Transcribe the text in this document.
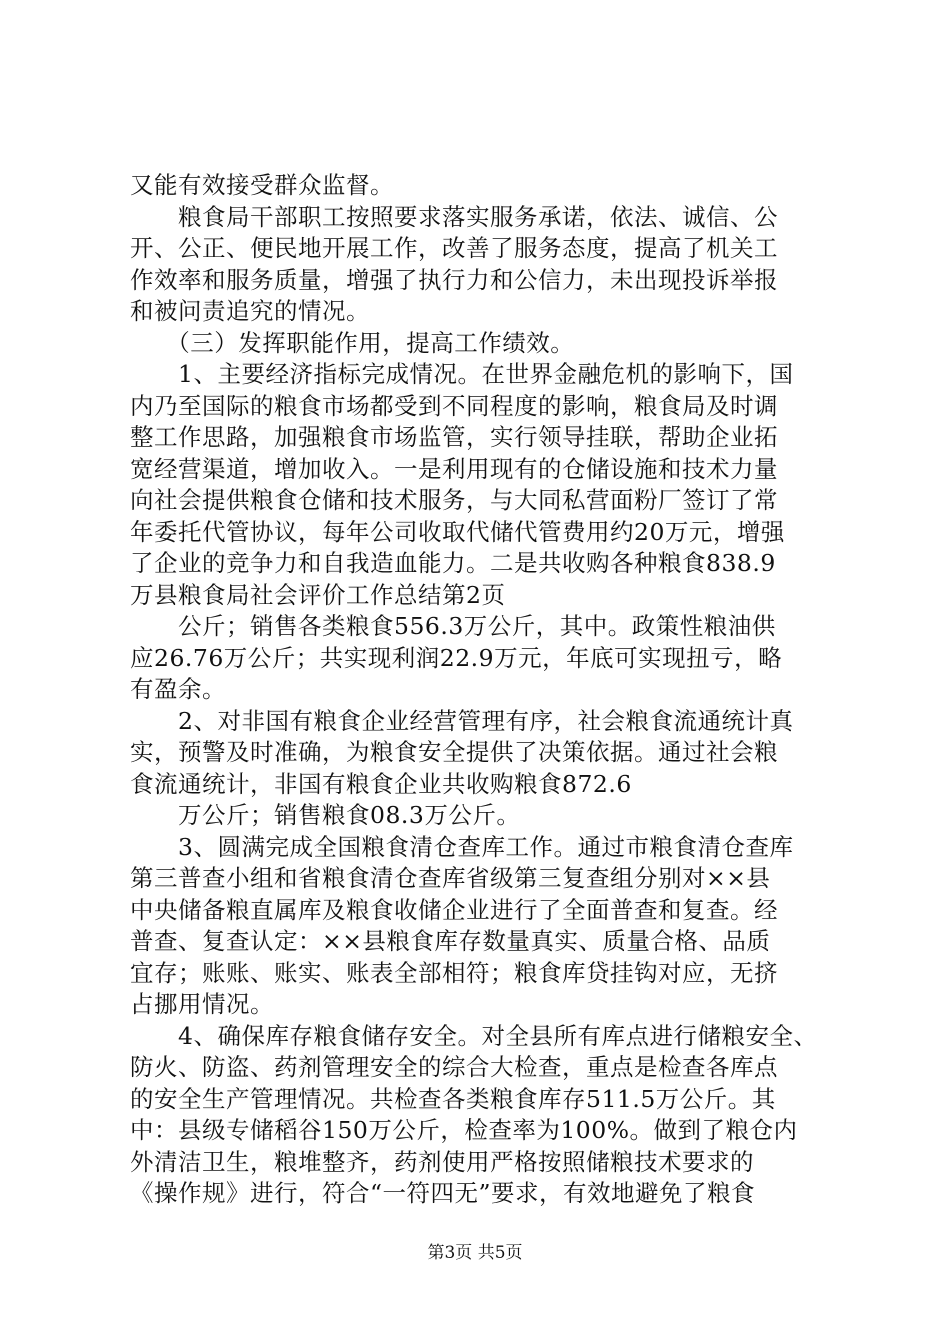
又能有效接受群众监督。
　　粮食局干部职工按照要求落实服务承诺，依法、诚信、公
开、公正、便民地开展工作，改善了服务态度，提高了机关工
作效率和服务质量，增强了执行力和公信力，未出现投诉举报
和被问责追究的情况。
　　（三）发挥职能作用，提高工作绩效。
　　1、主要经济指标完成情况。在世界金融危机的影响下，国
内乃至国际的粮食市场都受到不同程度的影响，粮食局及时调
整工作思路，加强粮食市场监管，实行领导挂联，帮助企业拓
宽经营渠道，增加收入。一是利用现有的仓储设施和技术力量
向社会提供粮食仓储和技术服务，与大同私营面粉厂签订了常
年委托代管协议，每年公司收取代储代管费用约20万元，增强
了企业的竞争力和自我造血能力。二是共收购各种粮食838.9
万县粮食局社会评价工作总结第2页
　　公斤；销售各类粮食556.3万公斤，其中。政策性粮油供
应26.76万公斤；共实现利润22.9万元，年底可实现扭亏，略
有盈余。
　　2、对非国有粮食企业经营管理有序，社会粮食流通统计真
实，预警及时准确，为粮食安全提供了决策依据。通过社会粮
食流通统计，非国有粮食企业共收购粮食872.6
　　万公斤；销售粮食08.3万公斤。
　　3、圆满完成全国粮食清仓查库工作。通过市粮食清仓查库
第三普查小组和省粮食清仓查库省级第三复查组分别对××县
中央储备粮直属库及粮食收储企业进行了全面普查和复查。经
普查、复查认定：××县粮食库存数量真实、质量合格、品质
宜存；账账、账实、账表全部相符；粮食库贷挂钩对应，无挤
占挪用情况。
　　4、确保库存粮食储存安全。对全县所有库点进行储粮安全、
防火、防盗、药剂管理安全的综合大检查，重点是检查各库点
的安全生产管理情况。共检查各类粮食库存511.5万公斤。其
中：县级专储稻谷150万公斤，检查率为100%。做到了粮仓内
外清洁卫生，粮堆整齐，药剂使用严格按照储粮技术要求的
《操作规》进行，符合“一符四无”要求，有效地避免了粮食
第3页 共5页
